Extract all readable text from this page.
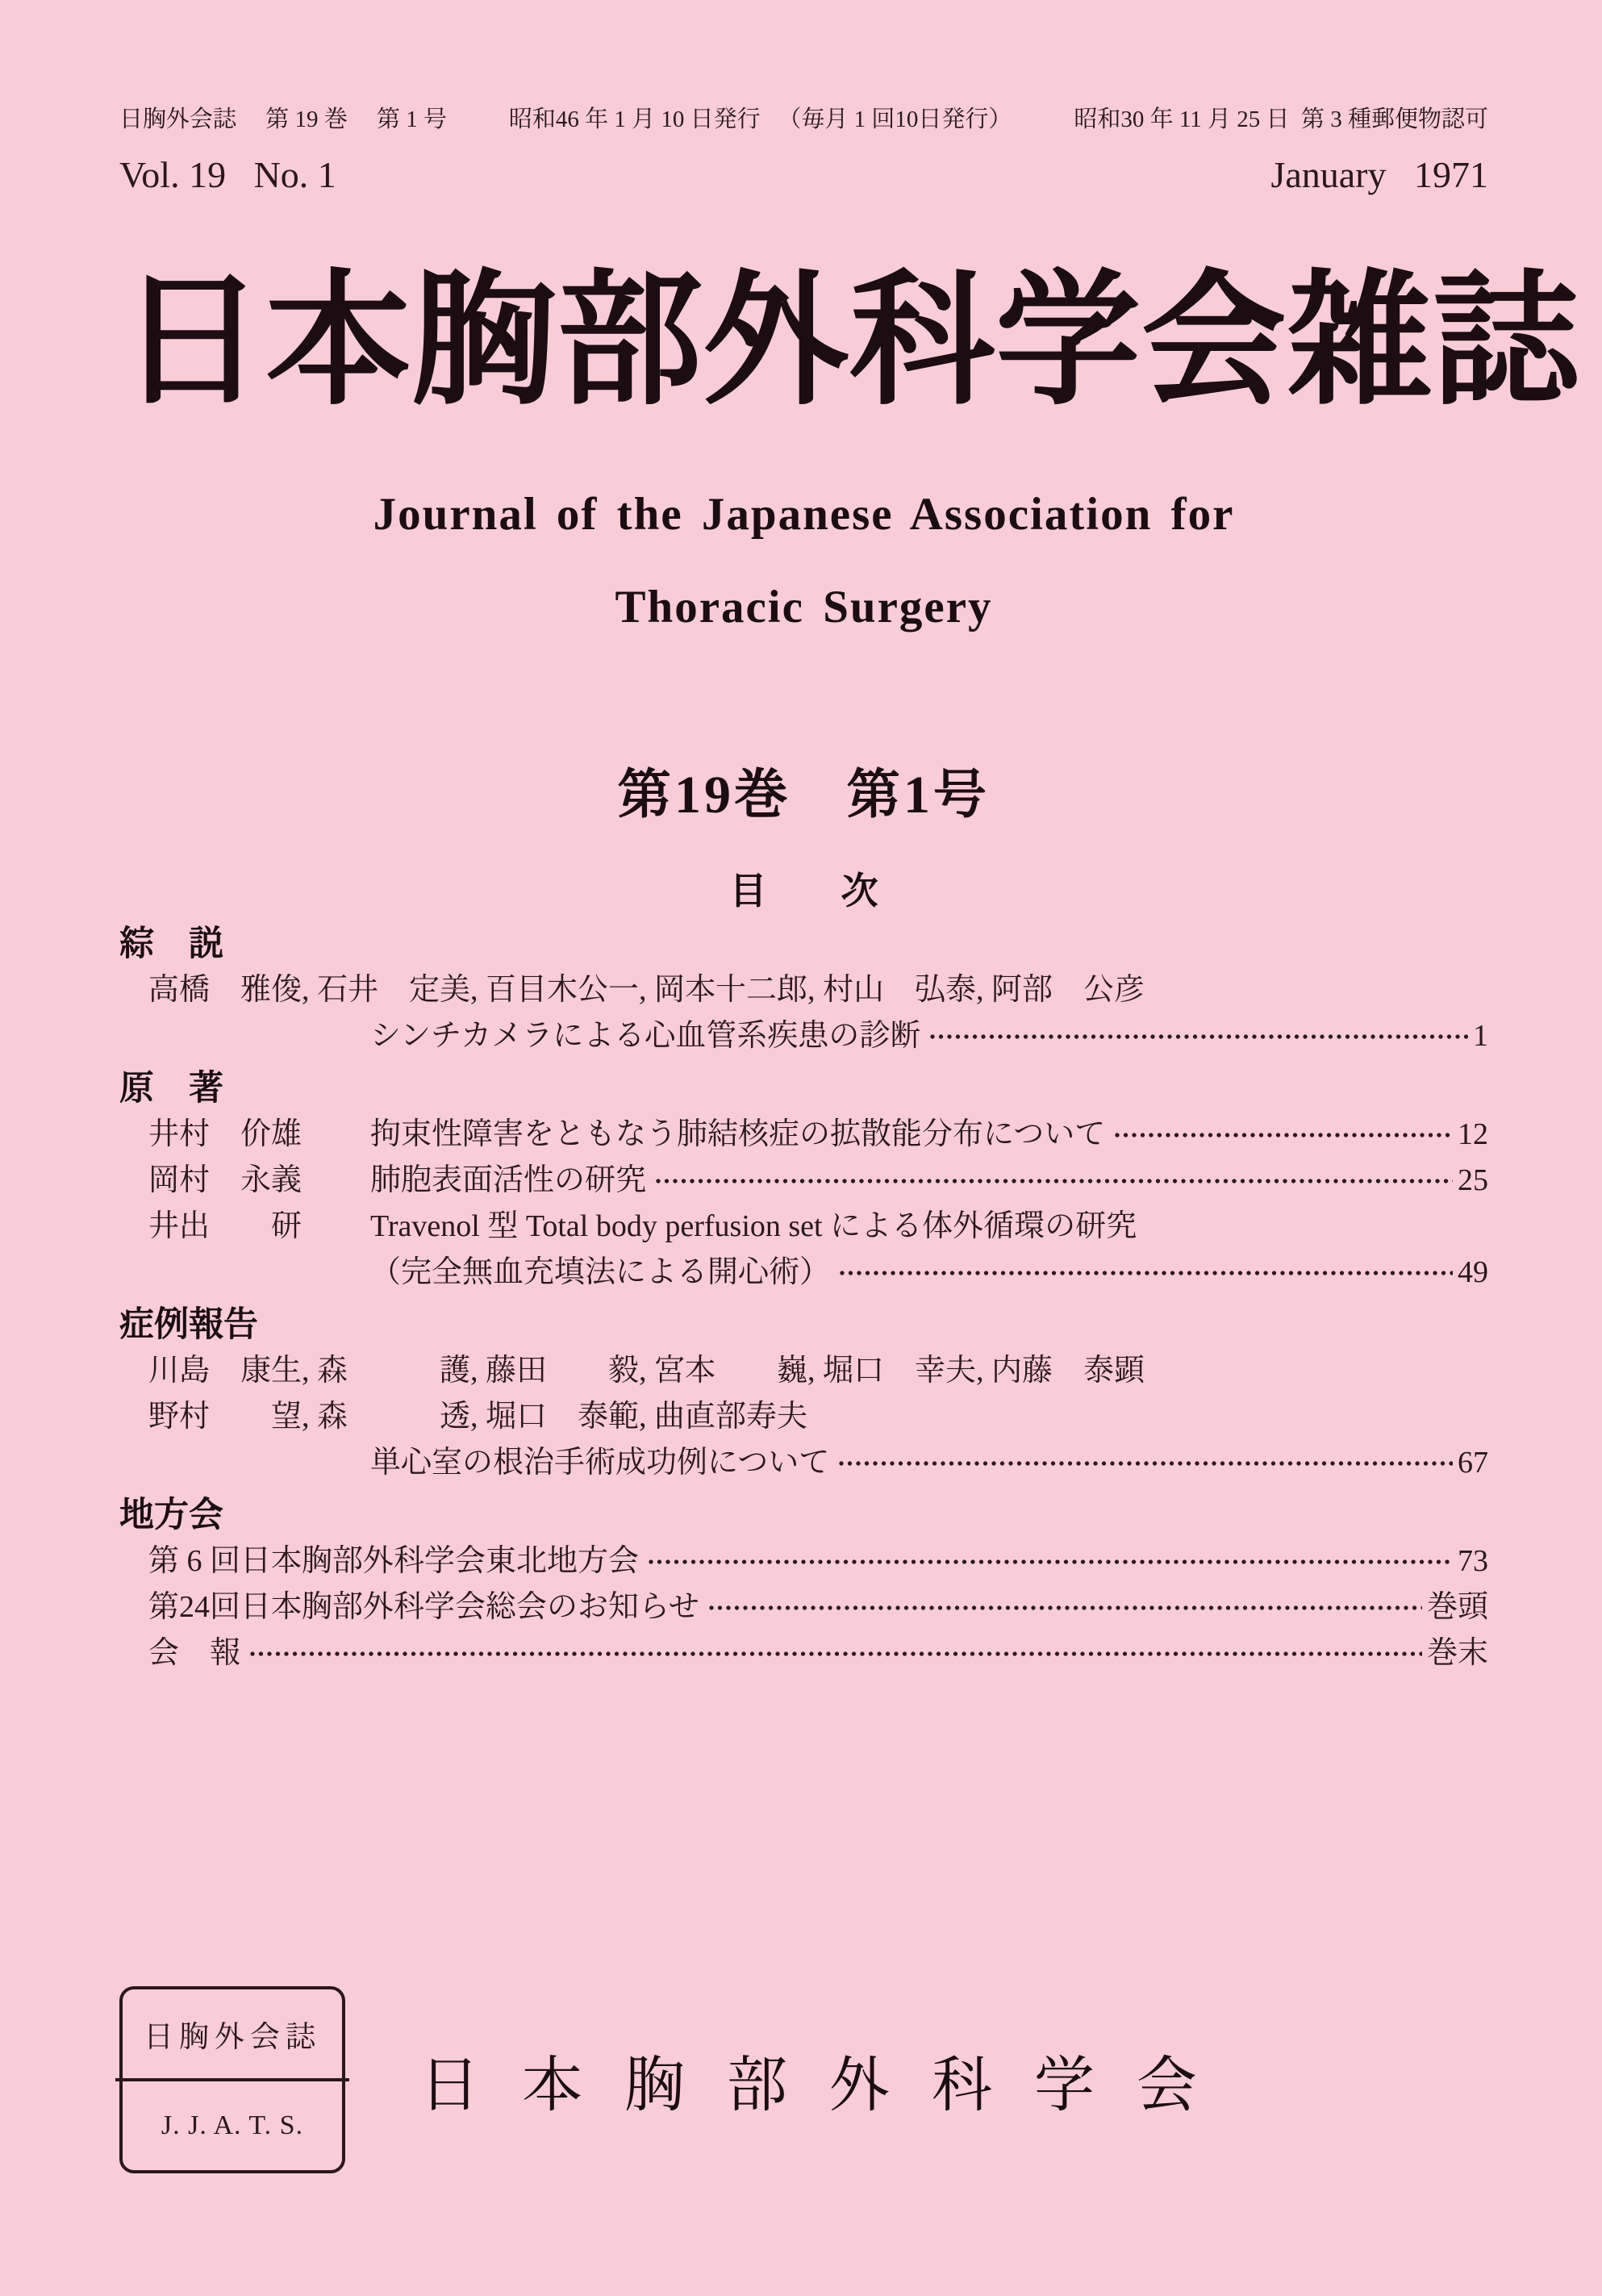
日胸外会誌　 第 19 巻 　第 1 号	昭和46 年 1 月 10 日発行 　（毎月 1 回10日発行）	昭和30 年 11 月 25 日  第 3 種郵便物認可
Vol. 19   No. 1	January   1971
日本胸部外科学会雑誌
Journal of the Japanese Association for
Thoracic Surgery
第19巻　第1号
目　　次
綜　説
高橋　雅俊, 石井　定美, 百目木公一, 岡本十二郎, 村山　弘泰, 阿部　公彦
シンチカメラによる心血管系疾患の診断	1
原　著
井村　价雄	拘束性障害をともなう肺結核症の拡散能分布について	12
岡村　永義	肺胞表面活性の研究	25
井出　　研	Travenol 型 Total body perfusion set による体外循環の研究
（完全無血充填法による開心術）	49
症例報告
川島　康生, 森　　　護, 藤田　　毅, 宮本　　巍, 堀口　幸夫, 内藤　泰顕
野村　　望, 森　　　透, 堀口　泰範, 曲直部寿夫
単心室の根治手術成功例について	67
地方会
第 6 回日本胸部外科学会東北地方会	73
第24回日本胸部外科学会総会のお知らせ	巻頭
会　報	巻末
日胸外会誌
J. J. A. T. S.
日本胸部外科学会
